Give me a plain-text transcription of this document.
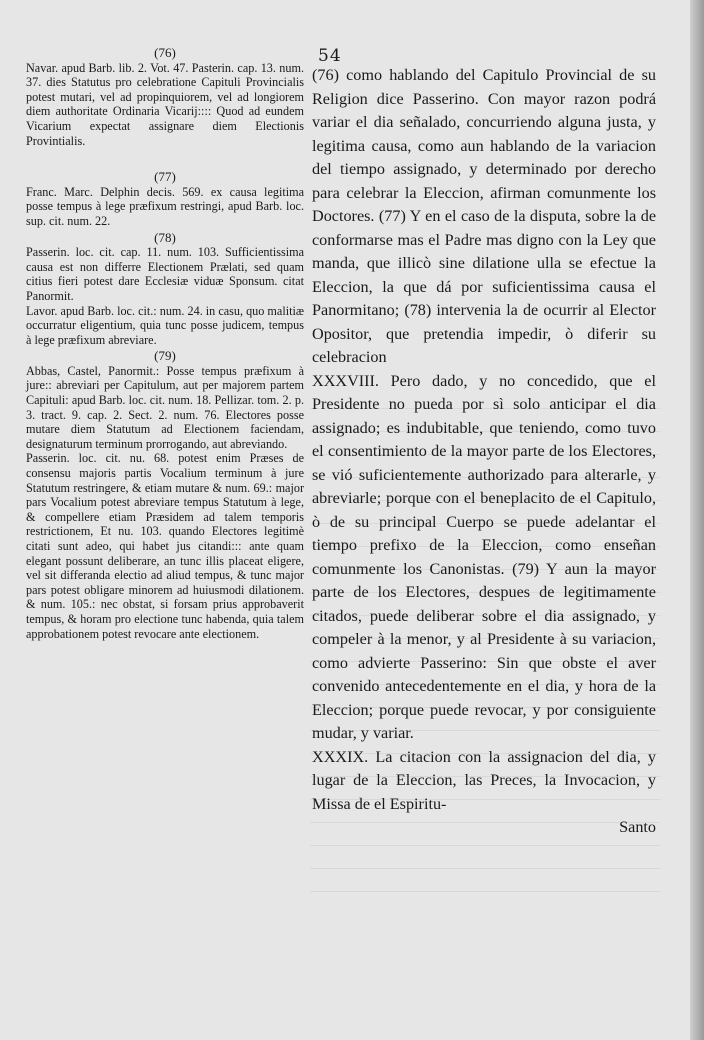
54

(76)

Navar. apud Barb. lib. 2. Vot. 47. Pasterin. cap. 13. num. 37. dies Statutus pro celebratione Capituli Provincialis potest mutari, vel ad propinquiorem, vel ad longiorem diem authoritate Ordinaria Vicarij:::: Quod ad eundem Vicarium expectat assignare diem Electionis Provintialis.

(77)

Franc. Marc. Delphin decis. 569. ex causa legitima posse tempus à lege præfixum restringi, apud Barb. loc. sup. cit. num. 22.

(78)

Passerin. loc. cit. cap. 11. num. 103. Sufficientissima causa est non differre Electionem Prælati, sed quam citius fieri potest dare Ecclesiæ viduæ Sponsum. citat Panormit.

Lavor. apud Barb. loc. cit.: num. 24. in casu, quo malitiæ occurratur eligentium, quia tunc posse judicem, tempus à lege præfixum abreviare.

(79)

Abbas, Castel, Panormit.: Posse tempus præfixum à jure:: abreviari per Capitulum, aut per majorem partem Capituli: apud Barb. loc. cit. num. 18. Pellizar. tom. 2. p. 3. tract. 9. cap. 2. Sect. 2. num. 76. Electores posse mutare diem Statutum ad Electionem faciendam, designaturum terminum prorrogando, aut abreviando.

Passerin. loc. cit. nu. 68. potest enim Præses de consensu majoris partis Vocalium terminum à jure Statutum restringere, & etiam mutare & num. 69.: major pars Vocalium potest abreviare tempus Statutum à lege, & compellere etiam Præsidem ad talem temporis restrictionem, Et nu. 103. quando Electores legitimè citati sunt adeo, qui habet jus citandi::: ante quam elegant possunt deliberare, an tunc illis placeat eligere, vel sit differanda electio ad aliud tempus, & tunc major pars potest obligare minorem ad huiusmodi dilationem. & num. 105.: nec obstat, si forsam prius approbaverit tempus, & horam pro electione tunc habenda, quia talem approbationem potest revocare ante electionem.

(76) como hablando del Capitulo Provincial de su Religion dice Passerino. Con mayor razon podrá variar el dia señalado, concurriendo alguna justa, y legitima causa, como aun hablando de la variacion del tiempo assignado, y determinado por derecho para celebrar la Eleccion, afirman comunmente los Doctores. (77) Y en el caso de la disputa, sobre la de conformarse mas el Padre mas digno con la Ley que manda, que illicò sine dilatione ulla se efectue la Eleccion, la que dá por suficientissima causa el Panormitano; (78) intervenia la de ocurrir al Elector Opositor, que pretendia impedir, ò diferir su celebracion

XXXVIII. Pero dado, y no concedido, que el Presidente no pueda por sì solo anticipar el dia assignado; es indubitable, que teniendo, como tuvo el consentimiento de la mayor parte de los Electores, se vió suficientemente authorizado para alterarle, y abreviarle; porque con el beneplacito de el Capitulo, ò de su principal Cuerpo se puede adelantar el tiempo prefixo de la Eleccion, como enseñan comunmente los Canonistas. (79) Y aun la mayor parte de los Electores, despues de legitimamente citados, puede deliberar sobre el dia assignado, y compeler à la menor, y al Presidente à su variacion, como advierte Passerino: Sin que obste el aver convenido antecedentemente en el dia, y hora de la Eleccion; porque puede revocar, y por consiguiente mudar, y variar.

XXXIX. La citacion con la assignacion del dia, y lugar de la Eleccion, las Preces, la Invocacion, y Missa de el Espiritu-

Santo
